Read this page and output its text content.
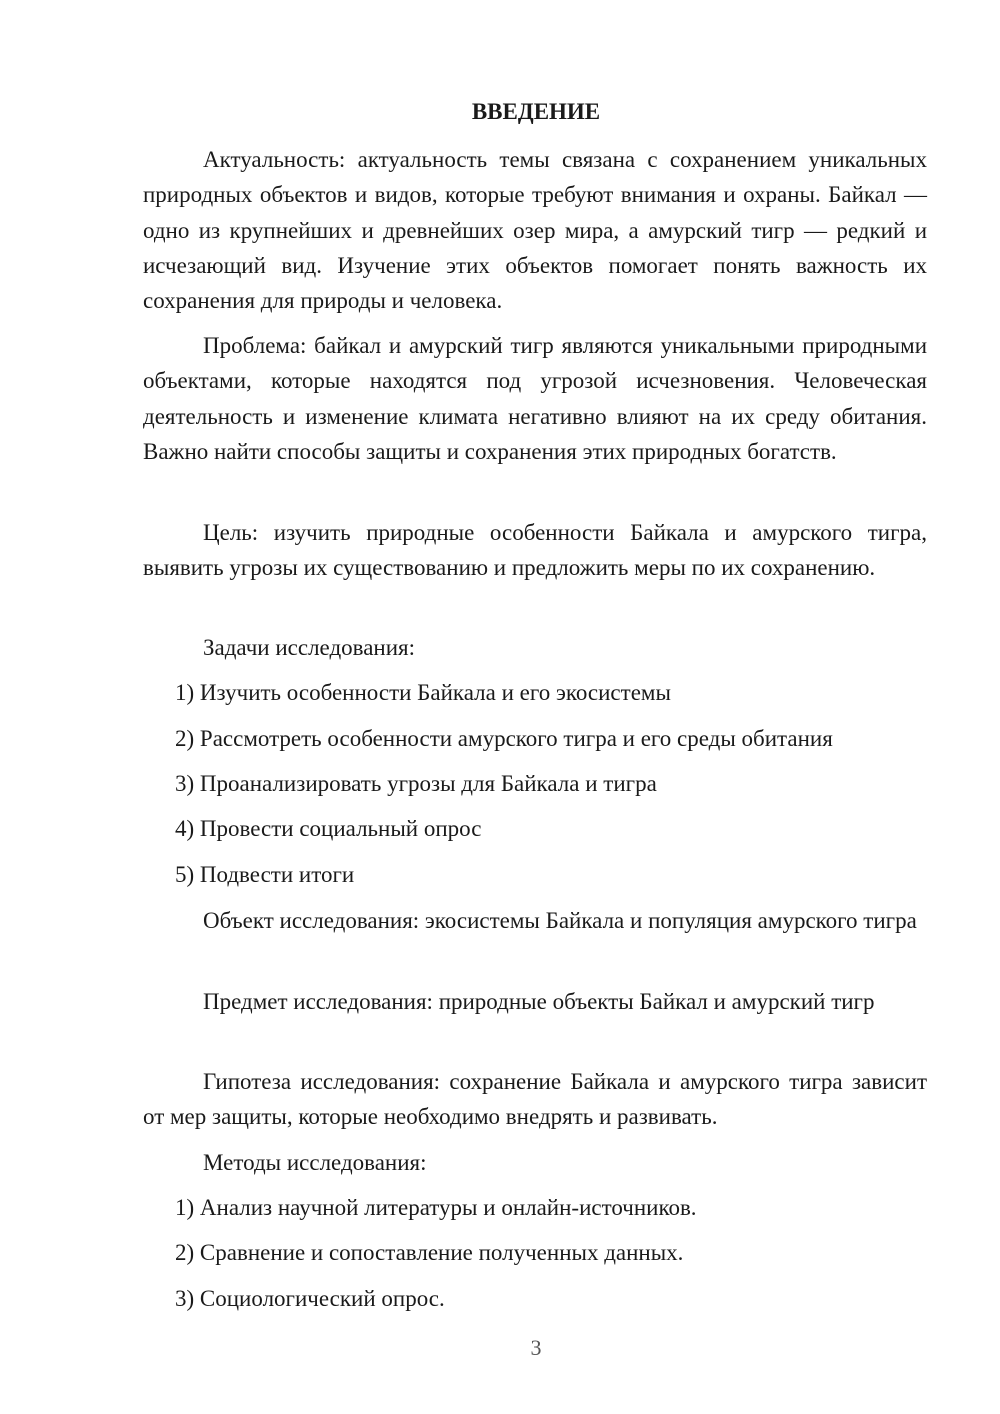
ВВЕДЕНИЕ

Актуальность: актуальность темы связана с сохранением уникальных природных объектов и видов, которые требуют внимания и охраны. Байкал — одно из крупнейших и древнейших озер мира, а амурский тигр — редкий и исчезающий вид. Изучение этих объектов помогает понять важность их сохранения для природы и человека.

Проблема: байкал и амурский тигр являются уникальными природными объектами, которые находятся под угрозой исчезновения. Человеческая деятельность и изменение климата негативно влияют на их среду обитания. Важно найти способы защиты и сохранения этих природных богатств.

Цель: изучить природные особенности Байкала и амурского тигра, выявить угрозы их существованию и предложить меры по их сохранению.

Задачи исследования:

1) Изучить особенности Байкала и его экосистемы

2) Рассмотреть особенности амурского тигра и его среды обитания

3) Проанализировать угрозы для Байкала и тигра

4) Провести социальный опрос

5) Подвести итоги

Объект исследования: экосистемы Байкала и популяция амурского тигра

Предмет исследования: природные объекты Байкал и амурский тигр

Гипотеза исследования: сохранение Байкала и амурского тигра зависит от мер защиты, которые необходимо внедрять и развивать.

Методы исследования:

1) Анализ научной литературы и онлайн-источников.

2) Сравнение и сопоставление полученных данных.

3) Социологический опрос.

3
